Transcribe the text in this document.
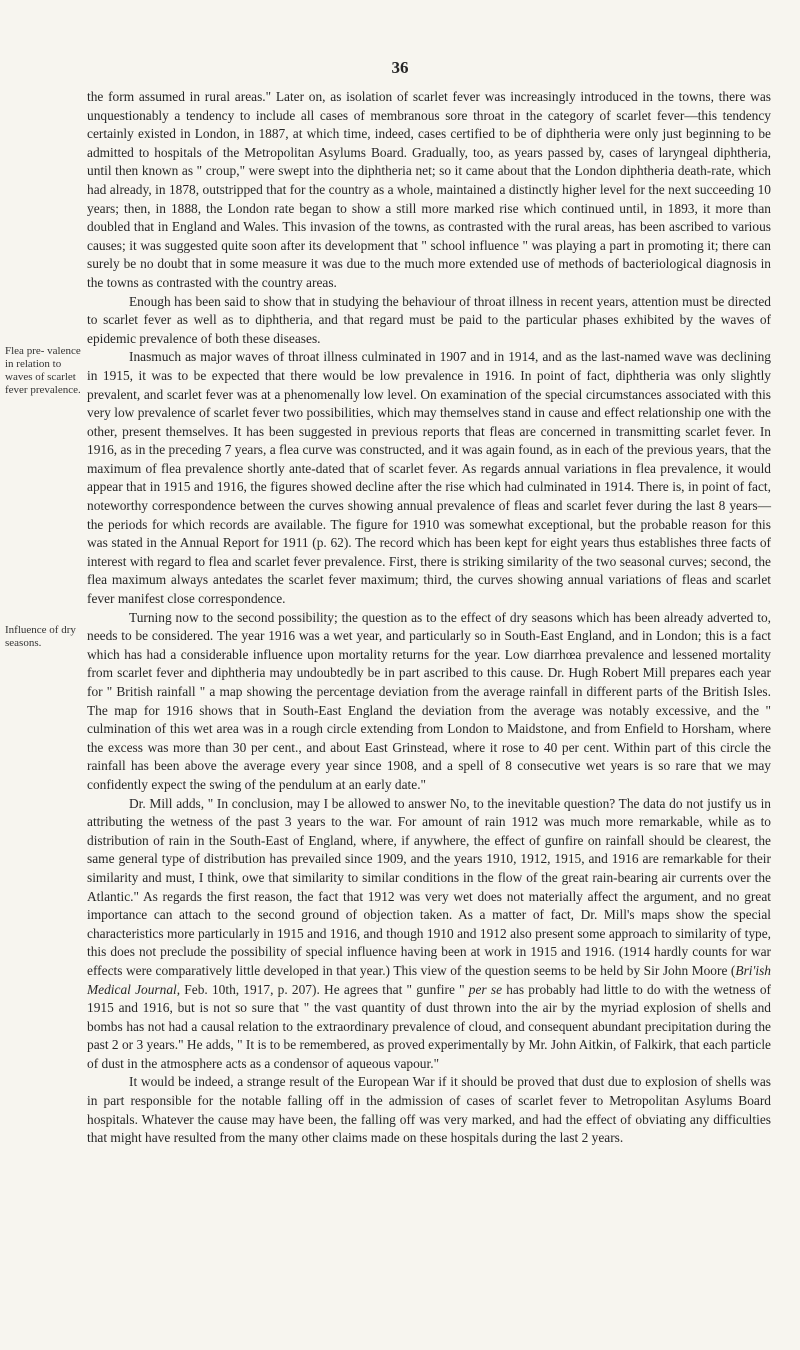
36
Flea pre- valence in relation to waves of scarlet fever prevalence.
Influence of dry seasons.

the form assumed in rural areas." Later on, as isolation of scarlet fever was increasingly introduced in the towns, there was unquestionably a tendency to include all cases of membranous sore throat in the category of scarlet fever—this tendency certainly existed in London, in 1887, at which time, indeed, cases certified to be of diphtheria were only just beginning to be admitted to hospitals of the Metropolitan Asylums Board. Gradually, too, as years passed by, cases of laryngeal diphtheria, until then known as " croup," were swept into the diphtheria net; so it came about that the London diphtheria death-rate, which had already, in 1878, outstripped that for the country as a whole, maintained a distinctly higher level for the next succeeding 10 years; then, in 1888, the London rate began to show a still more marked rise which continued until, in 1893, it more than doubled that in England and Wales. This invasion of the towns, as contrasted with the rural areas, has been ascribed to various causes; it was suggested quite soon after its development that " school influence " was playing a part in promoting it; there can surely be no doubt that in some measure it was due to the much more extended use of methods of bacteriological diagnosis in the towns as contrasted with the country areas.

Enough has been said to show that in studying the behaviour of throat illness in recent years, attention must be directed to scarlet fever as well as to diphtheria, and that regard must be paid to the particular phases exhibited by the waves of epidemic prevalence of both these diseases.

Inasmuch as major waves of throat illness culminated in 1907 and in 1914, and as the last-named wave was declining in 1915, it was to be expected that there would be low prevalence in 1916. In point of fact, diphtheria was only slightly prevalent, and scarlet fever was at a phenomenally low level. On examination of the special circumstances associated with this very low prevalence of scarlet fever two possibilities, which may themselves stand in cause and effect relationship one with the other, present themselves. It has been suggested in previous reports that fleas are concerned in transmitting scarlet fever. In 1916, as in the preceding 7 years, a flea curve was constructed, and it was again found, as in each of the previous years, that the maximum of flea prevalence shortly ante-dated that of scarlet fever. As regards annual variations in flea prevalence, it would appear that in 1915 and 1916, the figures showed decline after the rise which had culminated in 1914. There is, in point of fact, noteworthy correspondence between the curves showing annual prevalence of fleas and scarlet fever during the last 8 years—the periods for which records are available. The figure for 1910 was somewhat exceptional, but the probable reason for this was stated in the Annual Report for 1911 (p. 62). The record which has been kept for eight years thus establishes three facts of interest with regard to flea and scarlet fever prevalence. First, there is striking similarity of the two seasonal curves; second, the flea maximum always antedates the scarlet fever maximum; third, the curves showing annual variations of fleas and scarlet fever manifest close correspondence.

Turning now to the second possibility; the question as to the effect of dry seasons which has been already adverted to, needs to be considered. The year 1916 was a wet year, and particularly so in South-East England, and in London; this is a fact which has had a considerable influence upon mortality returns for the year. Low diarrhœa prevalence and lessened mortality from scarlet fever and diphtheria may undoubtedly be in part ascribed to this cause. Dr. Hugh Robert Mill prepares each year for " British rainfall " a map showing the percentage deviation from the average rainfall in different parts of the British Isles. The map for 1916 shows that in South-East England the deviation from the average was notably excessive, and the " culmination of this wet area was in a rough circle extending from London to Maidstone, and from Enfield to Horsham, where the excess was more than 30 per cent., and about East Grinstead, where it rose to 40 per cent. Within part of this circle the rainfall has been above the average every year since 1908, and a spell of 8 consecutive wet years is so rare that we may confidently expect the swing of the pendulum at an early date."

Dr. Mill adds, " In conclusion, may I be allowed to answer No, to the inevitable question? The data do not justify us in attributing the wetness of the past 3 years to the war. For amount of rain 1912 was much more remarkable, while as to distribution of rain in the South-East of England, where, if anywhere, the effect of gunfire on rainfall should be clearest, the same general type of distribution has prevailed since 1909, and the years 1910, 1912, 1915, and 1916 are remarkable for their similarity and must, I think, owe that similarity to similar conditions in the flow of the great rain-bearing air currents over the Atlantic." As regards the first reason, the fact that 1912 was very wet does not materially affect the argument, and no great importance can attach to the second ground of objection taken. As a matter of fact, Dr. Mill's maps show the special characteristics more particularly in 1915 and 1916, and though 1910 and 1912 also present some approach to similarity of type, this does not preclude the possibility of special influence having been at work in 1915 and 1916. (1914 hardly counts for war effects were comparatively little developed in that year.) This view of the question seems to be held by Sir John Moore (Bri'ish Medical Journal, Feb. 10th, 1917, p. 207). He agrees that " gunfire " per se has probably had little to do with the wetness of 1915 and 1916, but is not so sure that " the vast quantity of dust thrown into the air by the myriad explosion of shells and bombs has not had a causal relation to the extraordinary prevalence of cloud, and consequent abundant precipitation during the past 2 or 3 years." He adds, " It is to be remembered, as proved experimentally by Mr. John Aitkin, of Falkirk, that each particle of dust in the atmosphere acts as a condensor of aqueous vapour."

It would be indeed, a strange result of the European War if it should be proved that dust due to explosion of shells was in part responsible for the notable falling off in the admission of cases of scarlet fever to Metropolitan Asylums Board hospitals. Whatever the cause may have been, the falling off was very marked, and had the effect of obviating any difficulties that might have resulted from the many other claims made on these hospitals during the last 2 years.
